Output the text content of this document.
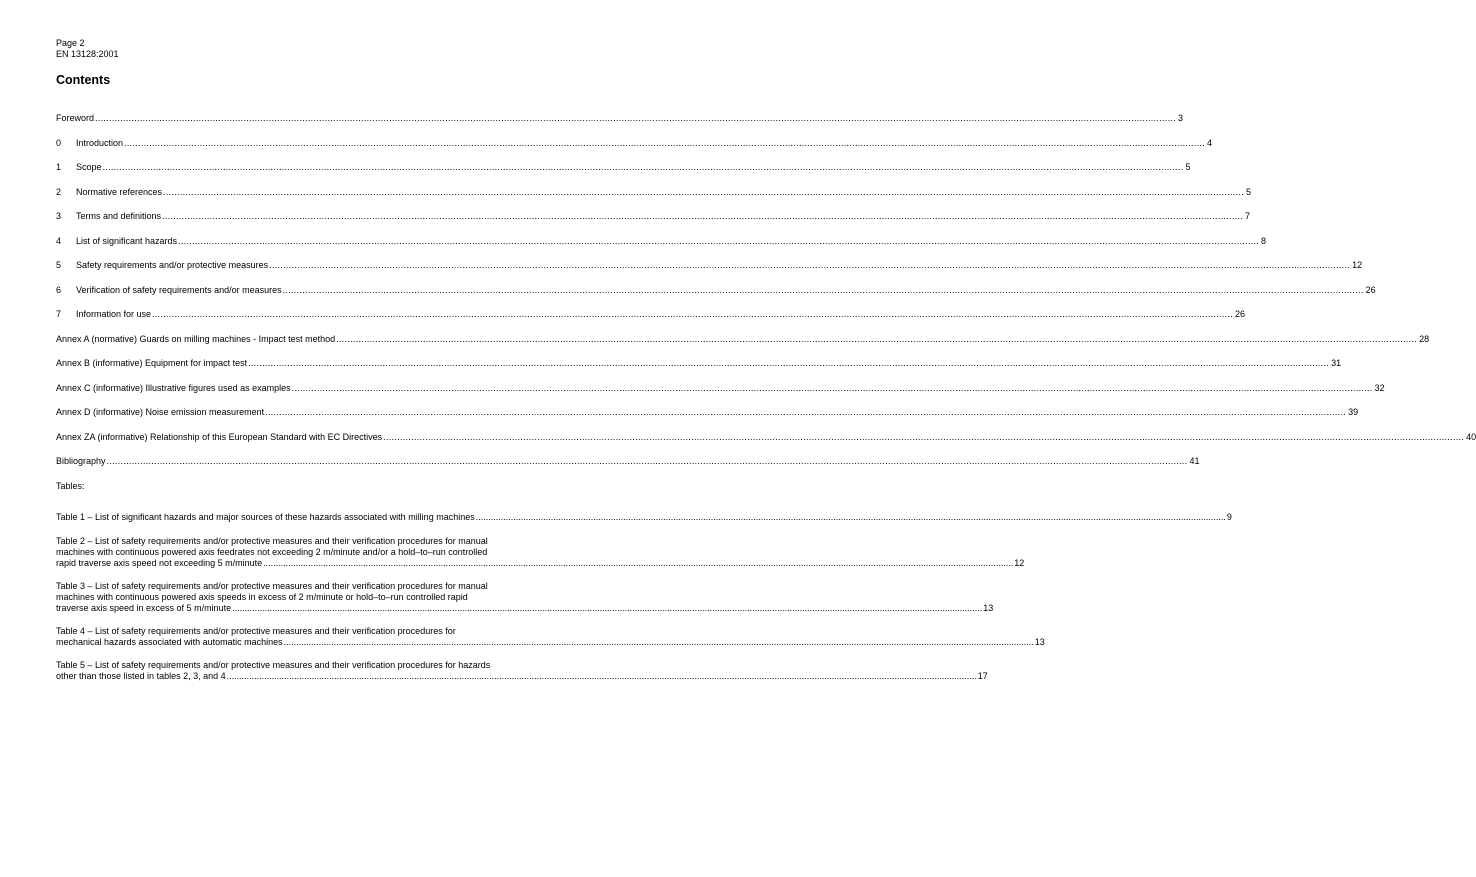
Page 2
EN 13128:2001
Contents
Foreword .....	3
0	Introduction .....	4
1	Scope .....	5
2	Normative references .....	5
3	Terms and definitions .....	7
4	List of significant hazards .....	8
5	Safety requirements and/or protective measures .....	12
6	Verification of safety requirements and/or measures .....	26
7	Information for use .....	26
Annex A (normative) Guards on milling machines - Impact test method .....	28
Annex B (informative) Equipment for impact test .....	31
Annex C (informative) Illustrative figures used as examples .....	32
Annex D (informative) Noise emission measurement .....	39
Annex ZA (informative) Relationship of this European Standard with EC Directives .....	40
Bibliography .....	41
Tables:
Table 1 – List of significant hazards and major sources of these hazards associated with milling machines ............................................................................................................................................................................................................................................................................................................ 9
Table 2 – List of safety requirements and/or protective measures and their verification procedures for manual
machines with continuous powered axis feedrates not exceeding 2 m/minute and/or a hold–to–run controlled
rapid traverse axis speed not exceeding 5 m/minute ............................................................................................................................................................................................................................................................................................................ 12
Table 3 – List of safety requirements and/or protective measures and their verification procedures for manual
machines with continuous powered axis speeds in excess of 2 m/minute or hold–to–run controlled rapid
traverse axis speed in excess of 5 m/minute ............................................................................................................................................................................................................................................................................................................ 13
Table 4 – List of safety requirements and/or protective measures and their verification procedures for
mechanical hazards associated with automatic machines ............................................................................................................................................................................................................................................................................................................ 13
Table 5 – List of safety requirements and/or protective measures and their verification procedures for hazards
other than those listed in tables 2, 3, and 4 ............................................................................................................................................................................................................................................................................................................ 17
